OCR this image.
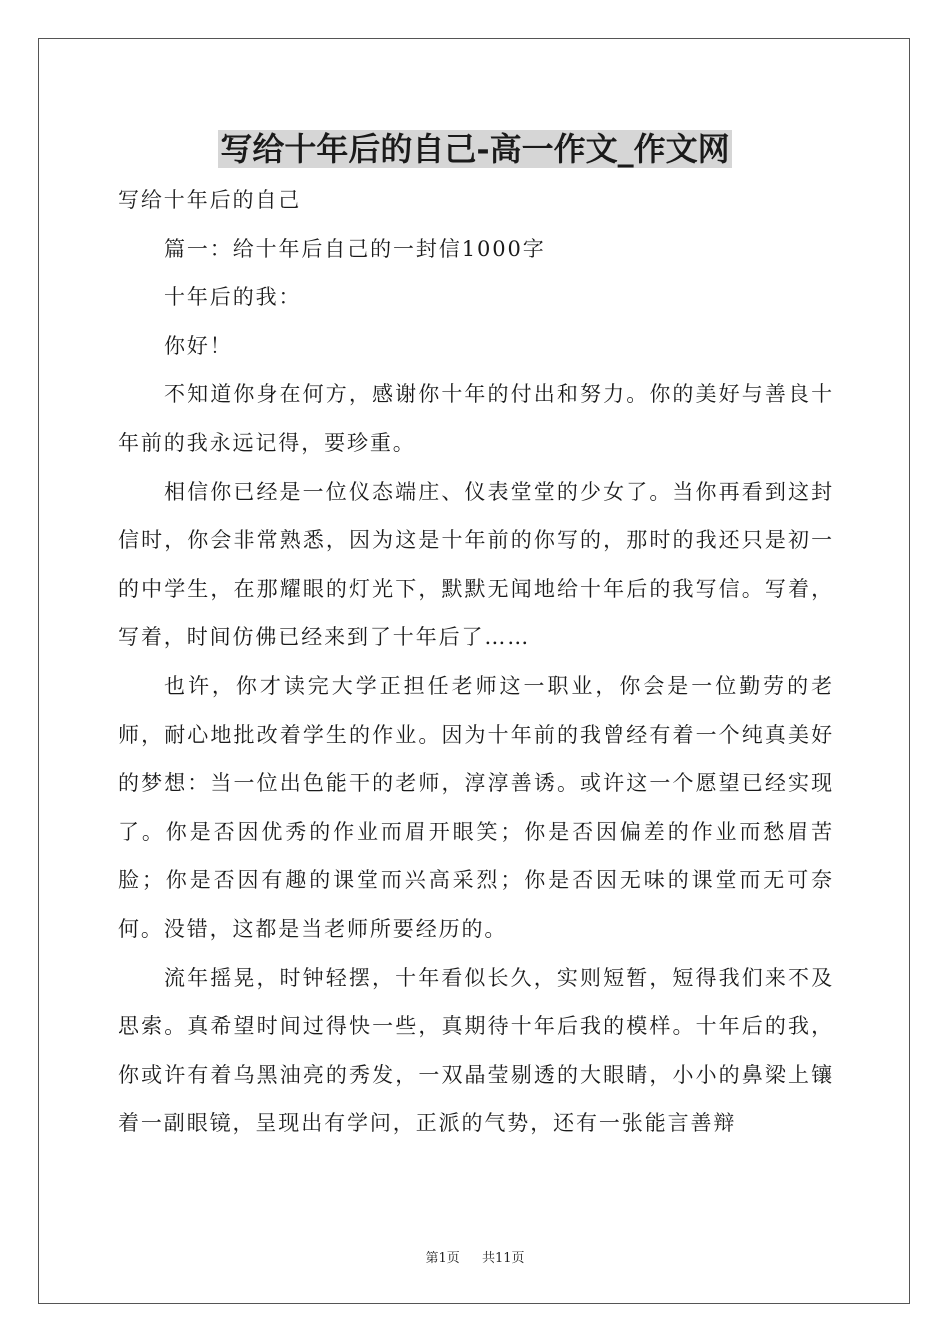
写给十年后的自己-高一作文_作文网

写给十年后的自己

篇一：给十年后自己的一封信1000字

十年后的我：

你好！

不知道你身在何方，感谢你十年的付出和努力。你的美好与善良十年前的我永远记得，要珍重。

相信你已经是一位仪态端庄、仪表堂堂的少女了。当你再看到这封信时，你会非常熟悉，因为这是十年前的你写的，那时的我还只是初一的中学生，在那耀眼的灯光下，默默无闻地给十年后的我写信。写着，写着，时间仿佛已经来到了十年后了……

也许，你才读完大学正担任老师这一职业，你会是一位勤劳的老师，耐心地批改着学生的作业。因为十年前的我曾经有着一个纯真美好的梦想：当一位出色能干的老师，淳淳善诱。或许这一个愿望已经实现了。你是否因优秀的作业而眉开眼笑；你是否因偏差的作业而愁眉苦脸；你是否因有趣的课堂而兴高采烈；你是否因无味的课堂而无可奈何。没错，这都是当老师所要经历的。

流年摇晃，时钟轻摆，十年看似长久，实则短暂，短得我们来不及思索。真希望时间过得快一些，真期待十年后我的模样。十年后的我，你或许有着乌黑油亮的秀发，一双晶莹剔透的大眼睛，小小的鼻梁上镶着一副眼镜，呈现出有学问，正派的气势，还有一张能言善辩

第1页 共11页
